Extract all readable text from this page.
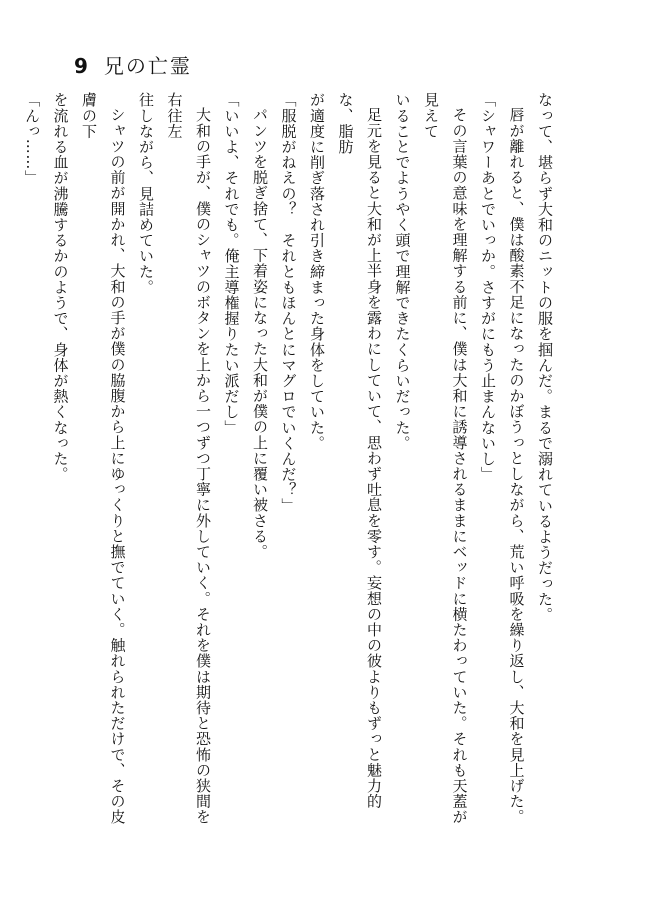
9 兄の亡霊

なって、堪らず大和のニットの服を掴んだ。まるで溺れているようだった。

唇が離れると、僕は酸素不足になったのかぼうっとしながら、荒い呼吸を繰り返し、大和を見上げた。

「シャワーあとでいっか。さすがにもう止まんないし」

その言葉の意味を理解する前に、僕は大和に誘導されるままにベッドに横たわっていた。それも天蓋が見えて

いることでようやく頭で理解できたくらいだった。

足元を見ると大和が上半身を露わにしていて、思わず吐息を零す。妄想の中の彼よりもずっと魅力的な、脂肪

が適度に削ぎ落され引き締まった身体をしていた。

「服脱がねえの？　それともほんとにマグロでいくんだ？」

パンツを脱ぎ捨て、下着姿になった大和が僕の上に覆い被さる。

「いいよ、それでも。俺主導権握りたい派だし」

大和の手が、僕のシャツのボタンを上から一つずつ丁寧に外していく。それを僕は期待と恐怖の狭間を右往左

往しながら、見詰めていた。

シャツの前が開かれ、大和の手が僕の脇腹から上にゆっくりと撫でていく。触れられただけで、その皮膚の下

を流れる血が沸騰するかのようで、身体が熱くなった。

「んっ……」
